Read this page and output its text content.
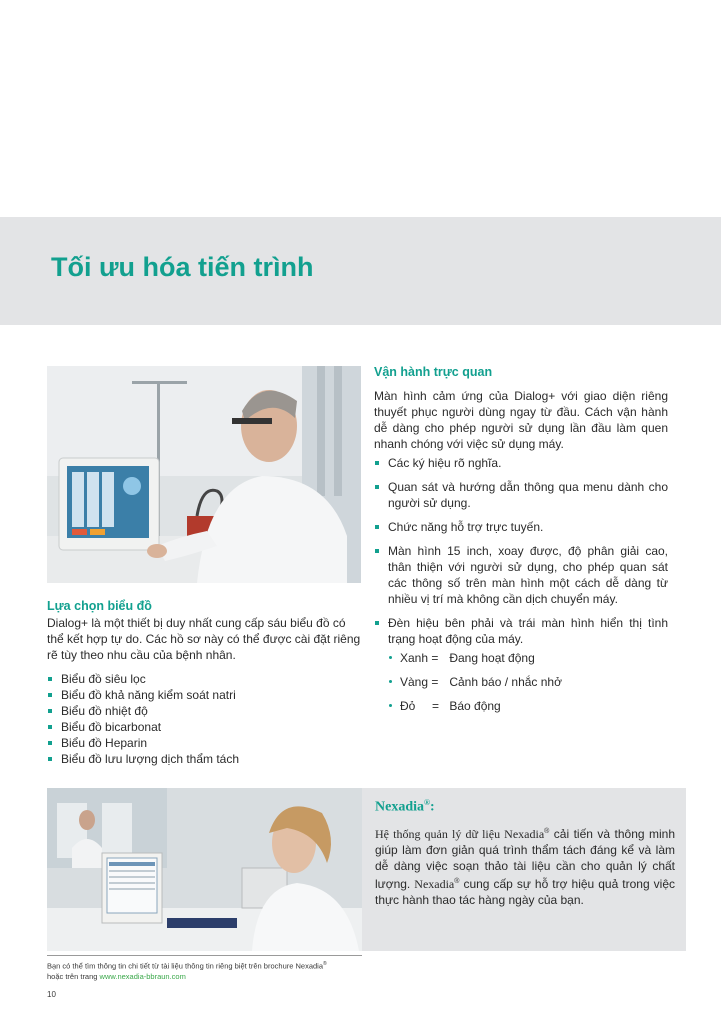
Tối ưu hóa tiến trình
Lựa chọn biểu đồ
Dialog+ là một thiết bị duy nhất cung cấp sáu biểu đồ có thể kết hợp tự do. Các hồ sơ này có thể được cài đặt riêng rẽ tùy theo nhu cầu của bệnh nhân.
Biểu đồ siêu lọc
Biểu đồ khả năng kiểm soát natri
Biểu đồ nhiệt độ
Biểu đồ bicarbonat
Biểu đồ Heparin
Biểu đồ lưu lượng dịch thẩm tách
Vận hành trực quan
Màn hình cảm ứng của Dialog+ với giao diện riêng thuyết phục người dùng ngay từ đầu. Cách vận hành dễ dàng cho phép người sử dụng lần đầu làm quen nhanh chóng với việc sử dụng máy.
Các ký hiệu rõ nghĩa.
Quan sát và hướng dẫn thông qua menu dành cho người sử dụng.
Chức năng hỗ trợ trực tuyến.
Màn hình 15 inch, xoay được, độ phân giải cao, thân thiện với người sử dụng, cho phép quan sát các thông số trên màn hình một cách dễ dàng từ nhiều vị trí mà không cần dịch chuyển máy.
Đèn hiệu bên phải và trái màn hình hiển thị tình trạng hoạt động của máy.
Xanh = Đang hoạt động
Vàng = Cảnh báo / nhắc nhở
Đỏ     = Báo động
Nexadia®:
Hệ thống quản lý dữ liệu Nexadia® cải tiến và thông minh giúp làm đơn giản quá trình thẩm tách đáng kể và làm dễ dàng việc soạn thảo tài liệu cần cho quản lý chất lượng. Nexadia® cung cấp sự hỗ trợ hiệu quả trong việc thực hành thao tác hàng ngày của bạn.
Bạn có thể tìm thông tin chi tiết từ tài liệu thông tin riêng biệt trên brochure Nexadia®
hoặc trên trang www.nexadia-bbraun.com
10
